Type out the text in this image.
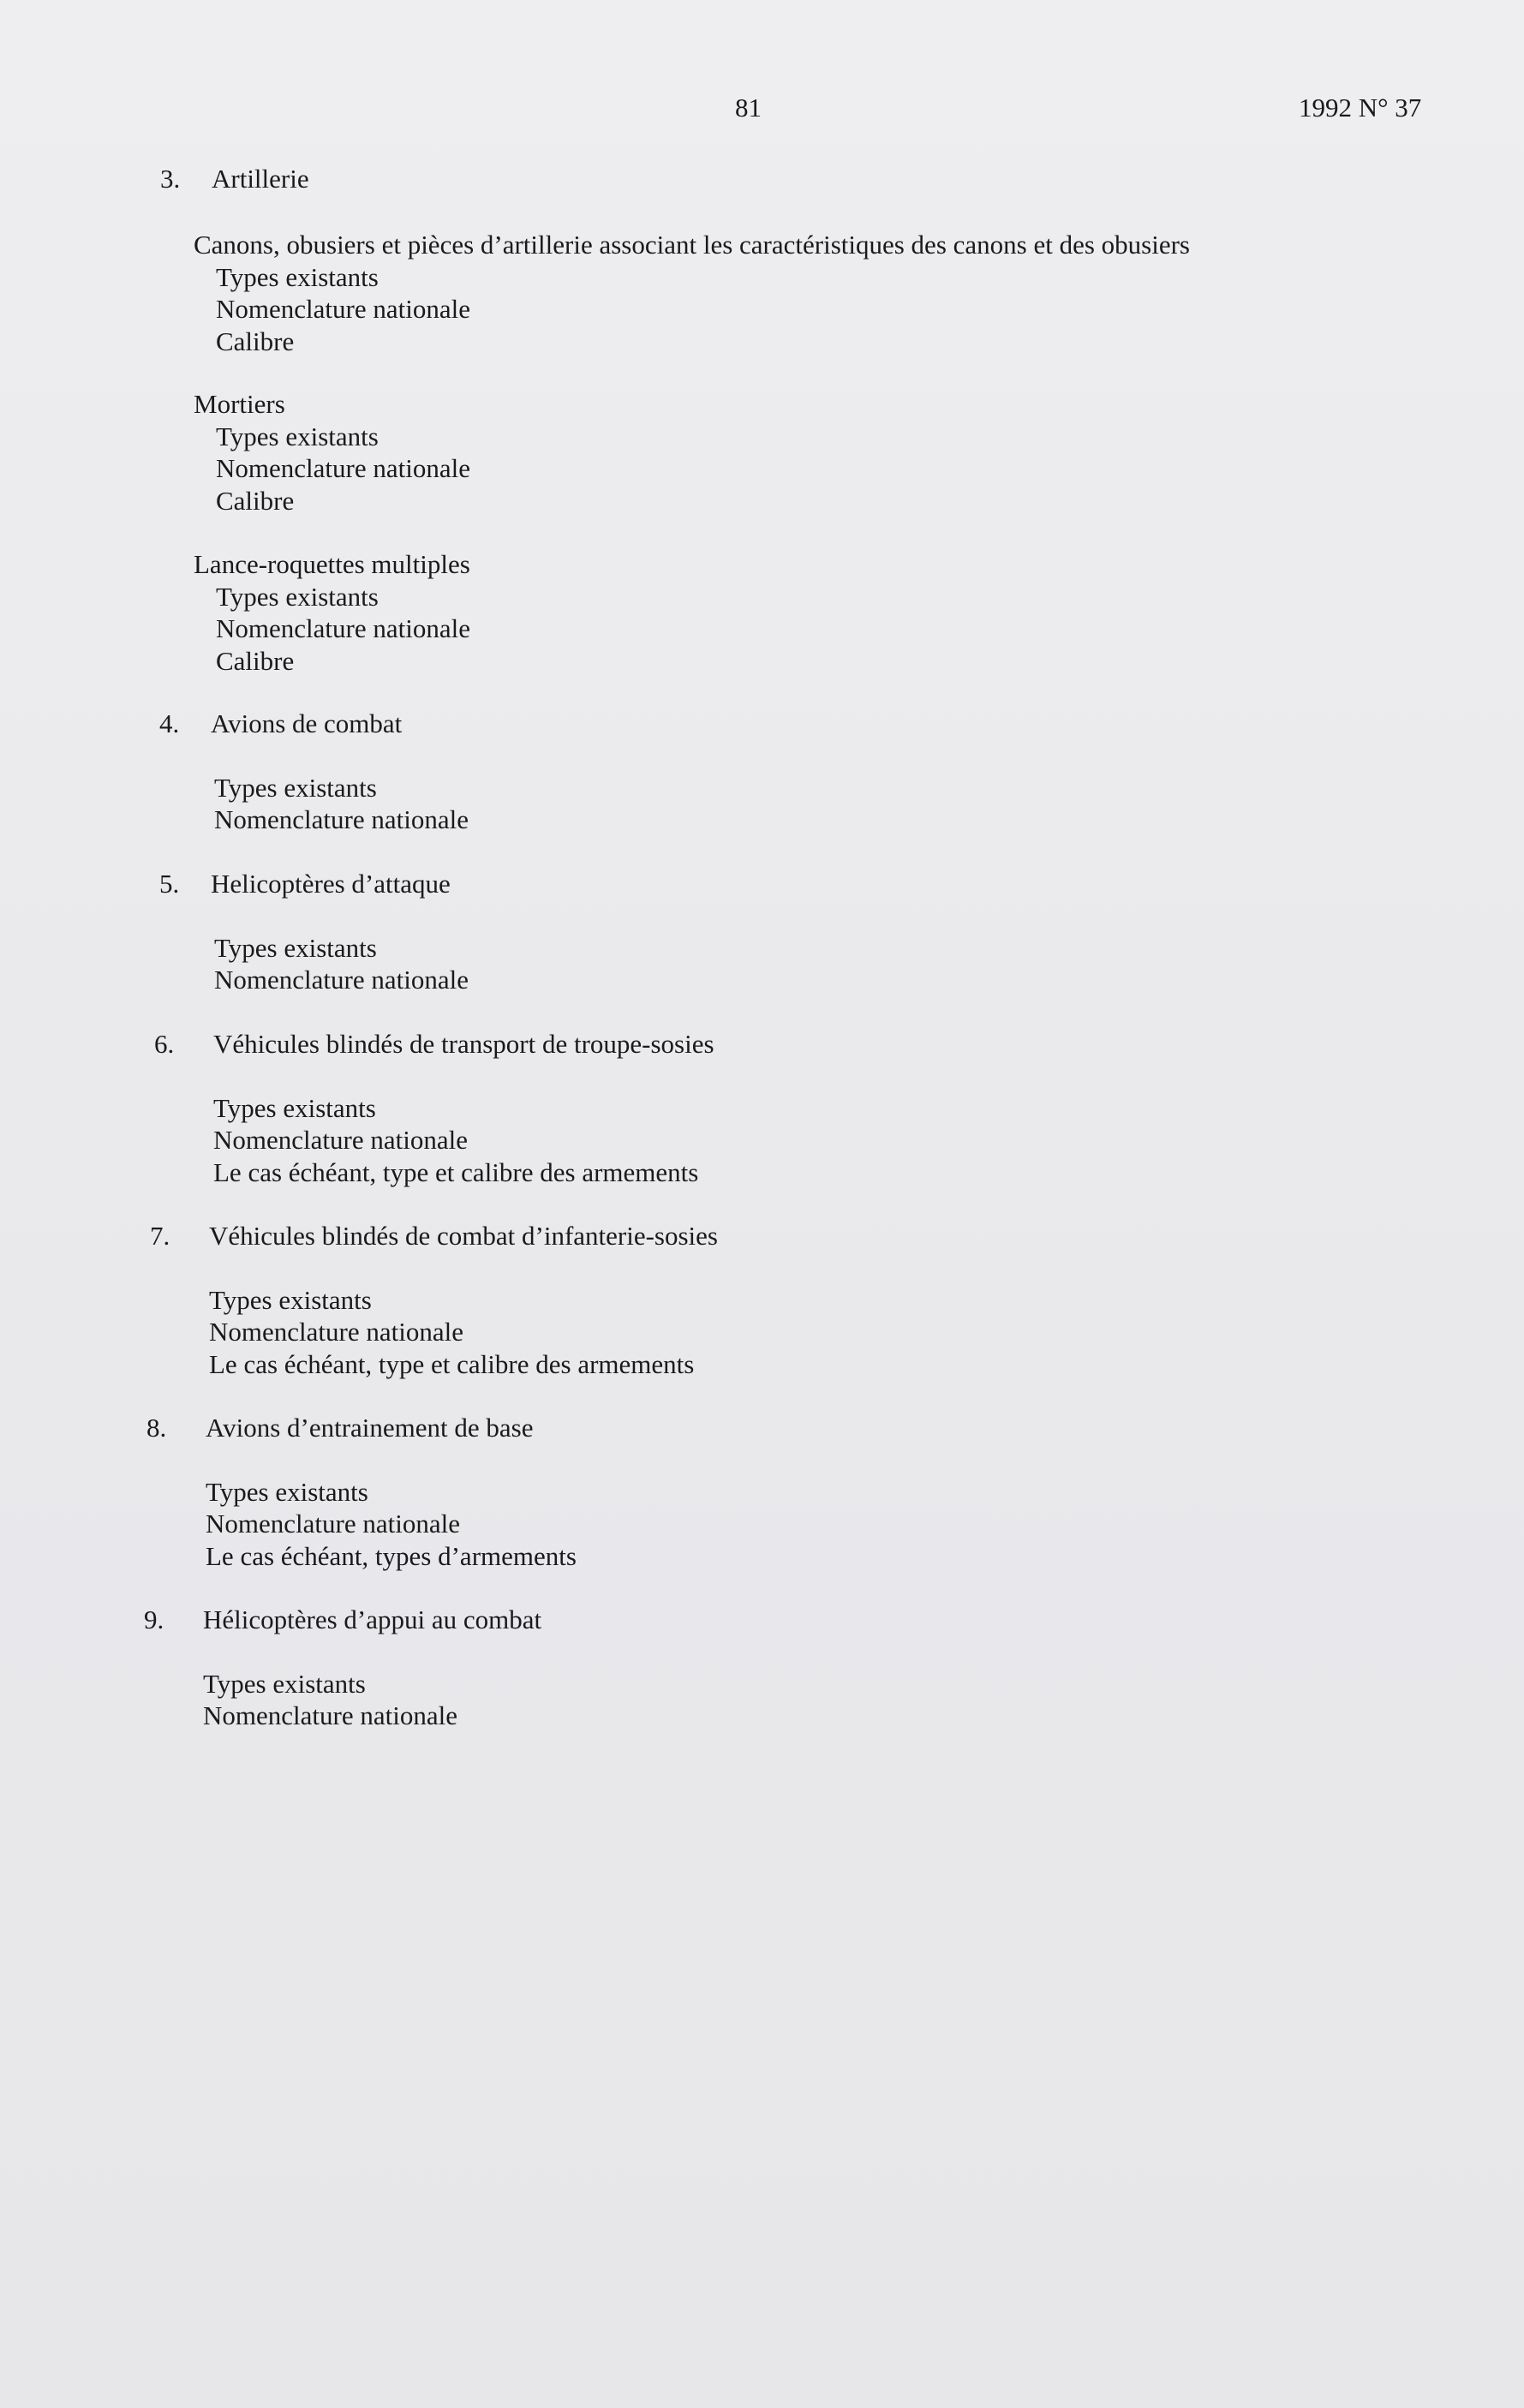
81	1992 N° 37
3. Artillerie
Canons, obusiers et pièces d’artillerie associant les caractéristiques des canons et des obusiers
Types existants
Nomenclature nationale
Calibre
Mortiers
Types existants
Nomenclature nationale
Calibre
Lance-roquettes multiples
Types existants
Nomenclature nationale
Calibre
4. Avions de combat
Types existants
Nomenclature nationale
5. Helicoptères d’attaque
Types existants
Nomenclature nationale
6. Véhicules blindés de transport de troupe-sosies
Types existants
Nomenclature nationale
Le cas échéant, type et calibre des armements
7. Véhicules blindés de combat d’infanterie-sosies
Types existants
Nomenclature nationale
Le cas échéant, type et calibre des armements
8. Avions d’entrainement de base
Types existants
Nomenclature nationale
Le cas échéant, types d’armements
9. Hélicoptères d’appui au combat
Types existants
Nomenclature nationale
